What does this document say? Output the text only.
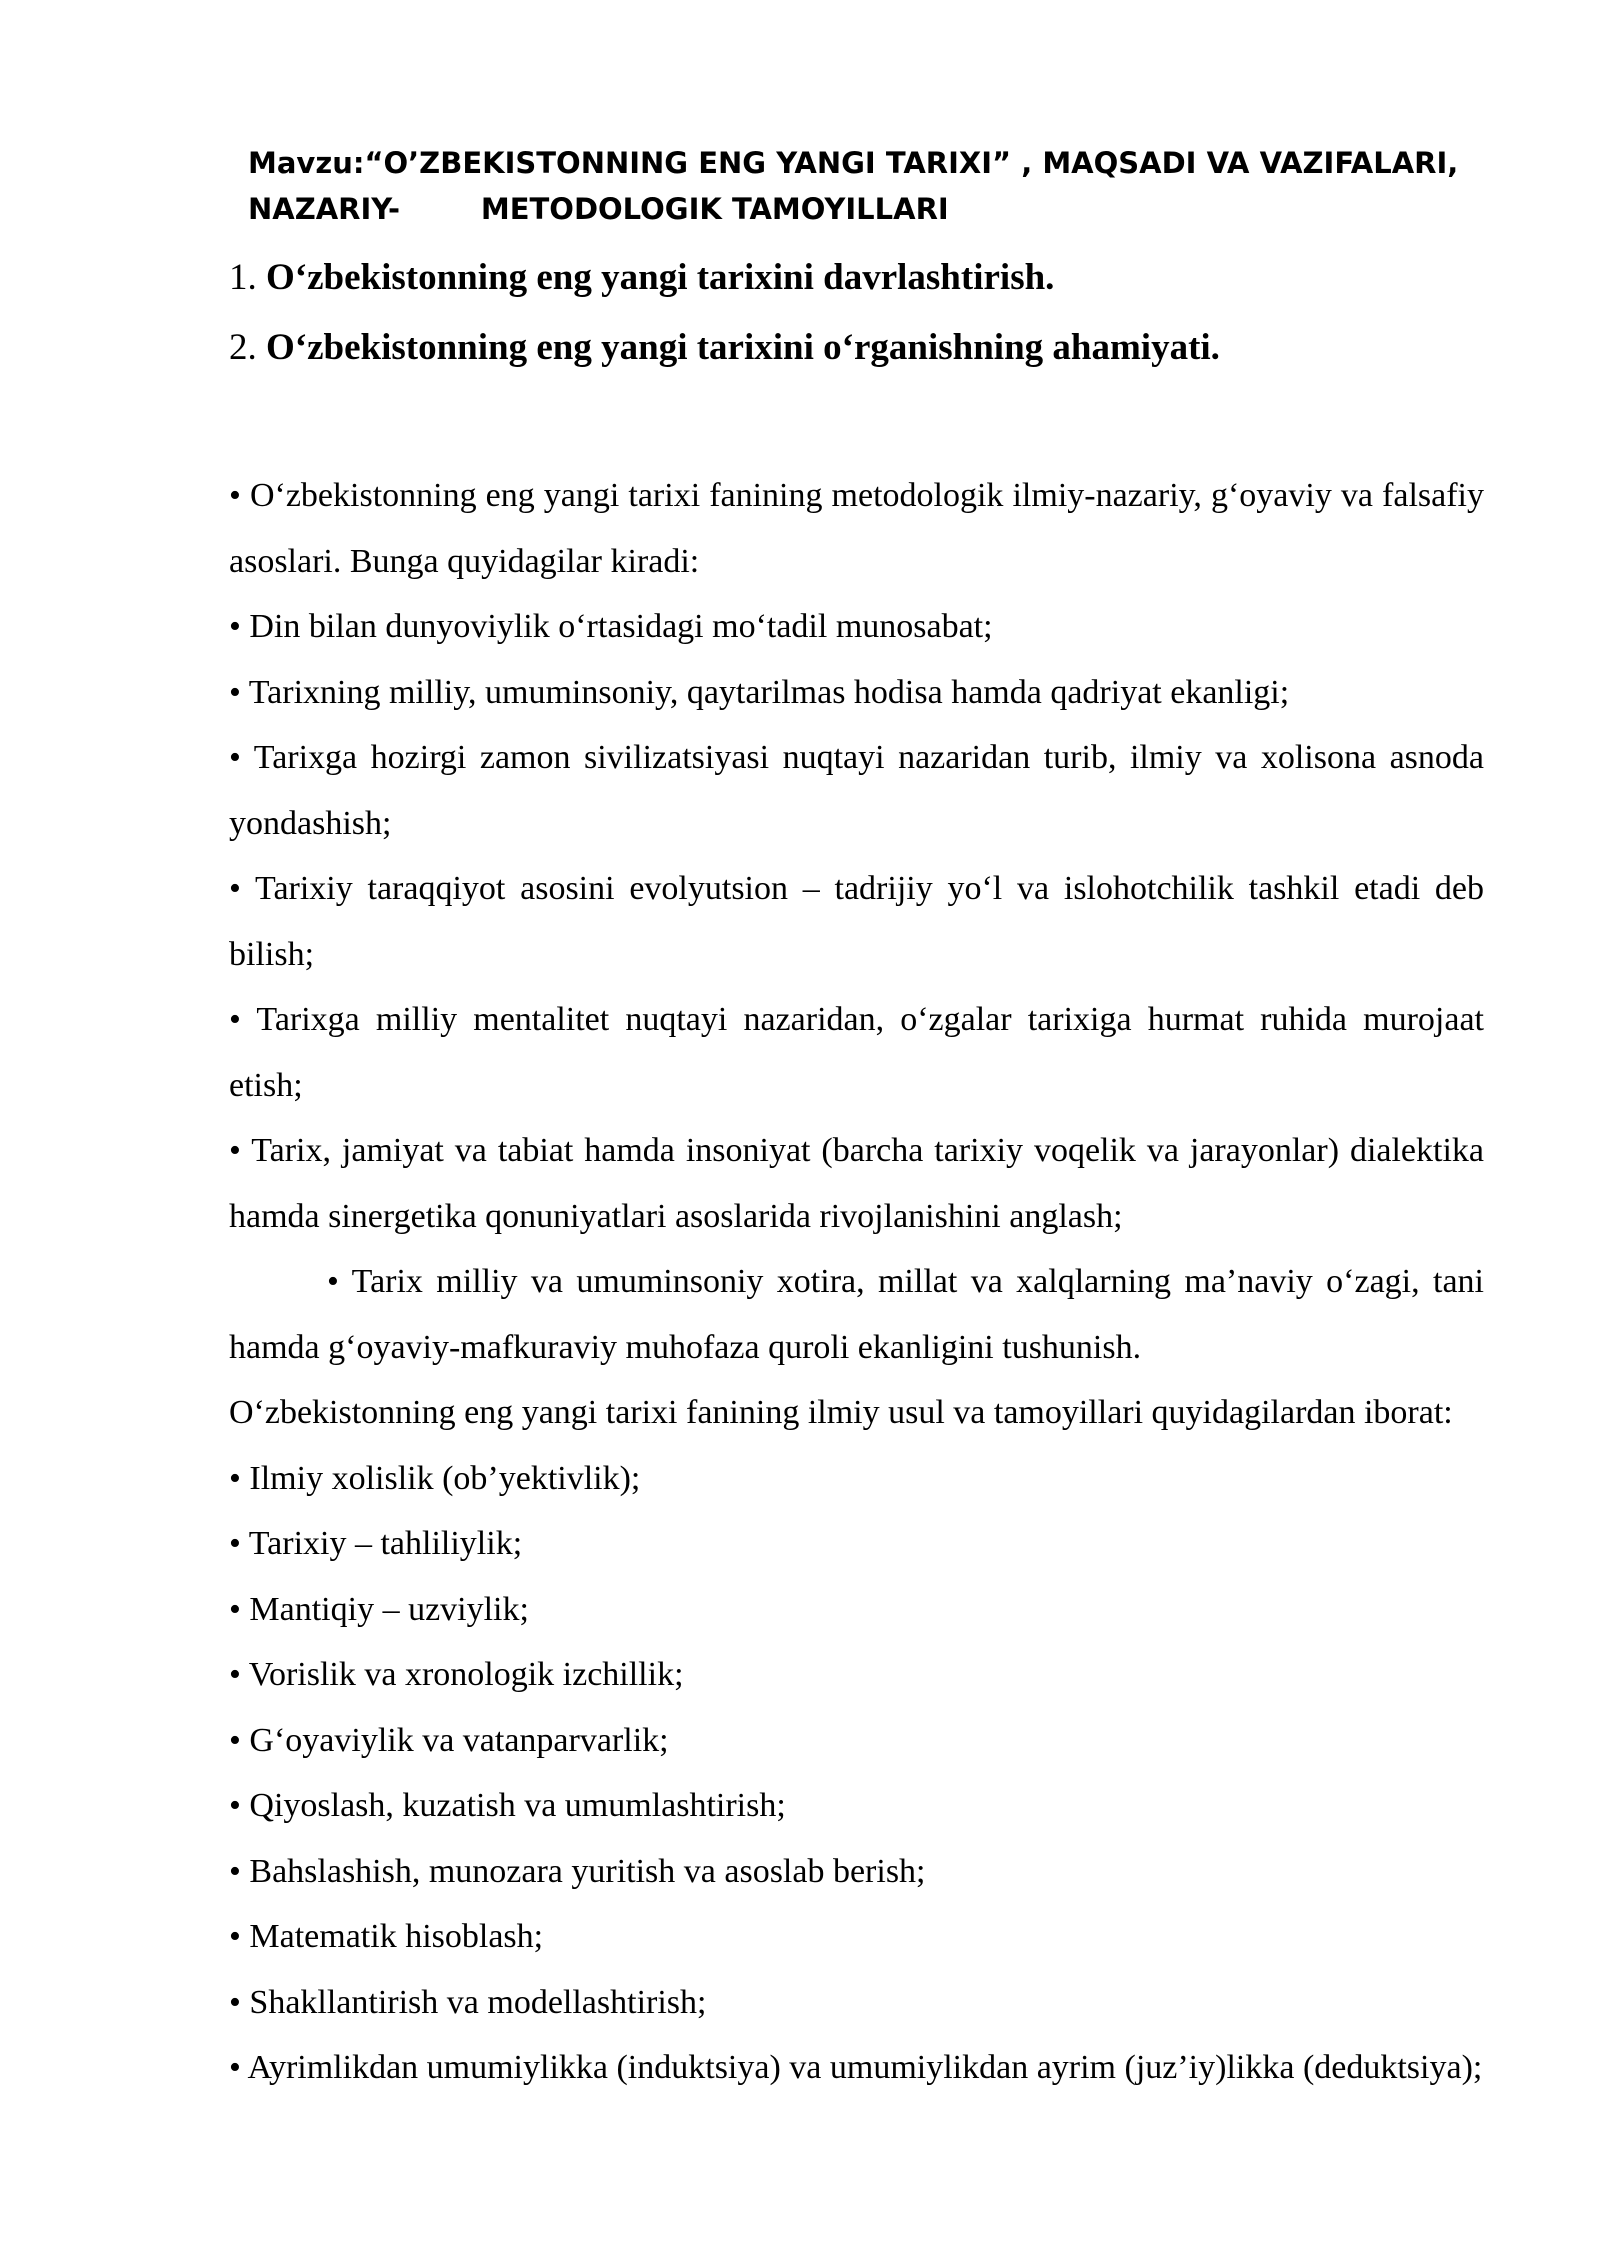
Mavzu:“O’ZBEKISTONNING ENG YANGI TARIXI” , MAQSADI VA VAZIFALARI,
NAZARIY-        METODOLOGIK TAMOYILLARI
1. O‘zbekistonning eng yangi tarixini davrlashtirish.
2. O‘zbekistonning eng yangi tarixini o‘rganishning ahamiyati.

• O‘zbekistonning eng yangi tarixi fanining metodologik ilmiy-nazariy, g‘oyaviy va falsafiy asoslari. Bunga quyidagilar kiradi:

• Din bilan dunyoviylik o‘rtasidagi mo‘tadil munosabat;

• Tarixning milliy, umuminsoniy, qaytarilmas hodisa hamda qadriyat ekanligi;

• Tarixga hozirgi zamon sivilizatsiyasi nuqtayi nazaridan turib, ilmiy va xolisona asnoda yondashish;

• Tarixiy taraqqiyot asosini evolyutsion – tadrijiy yo‘l va islohotchilik tashkil etadi deb bilish;

• Tarixga milliy mentalitet nuqtayi nazaridan, o‘zgalar tarixiga hurmat ruhida murojaat etish;

• Tarix, jamiyat va tabiat hamda insoniyat (barcha tarixiy voqelik va jarayonlar) dialektika hamda sinergetika qonuniyatlari asoslarida rivojlanishini anglash;

• Tarix milliy va umuminsoniy xotira, millat va xalqlarning ma’naviy o‘zagi, tani hamda g‘oyaviy-mafkuraviy muhofaza quroli ekanligini tushunish.

O‘zbekistonning eng yangi tarixi fanining ilmiy usul va tamoyillari quyidagilardan iborat:

• Ilmiy xolislik (ob’yektivlik);

• Tarixiy – tahliliylik;

• Mantiqiy – uzviylik;

• Vorislik va xronologik izchillik;

• G‘oyaviylik va vatanparvarlik;

• Qiyoslash, kuzatish va umumlashtirish;

• Bahslashish, munozara yuritish va asoslab berish;

• Matematik hisoblash;

• Shakllantirish va modellashtirish;

• Ayrimlikdan umumiylikka (induktsiya) va umumiylikdan ayrim (juz’iy)likka (deduktsiya);
